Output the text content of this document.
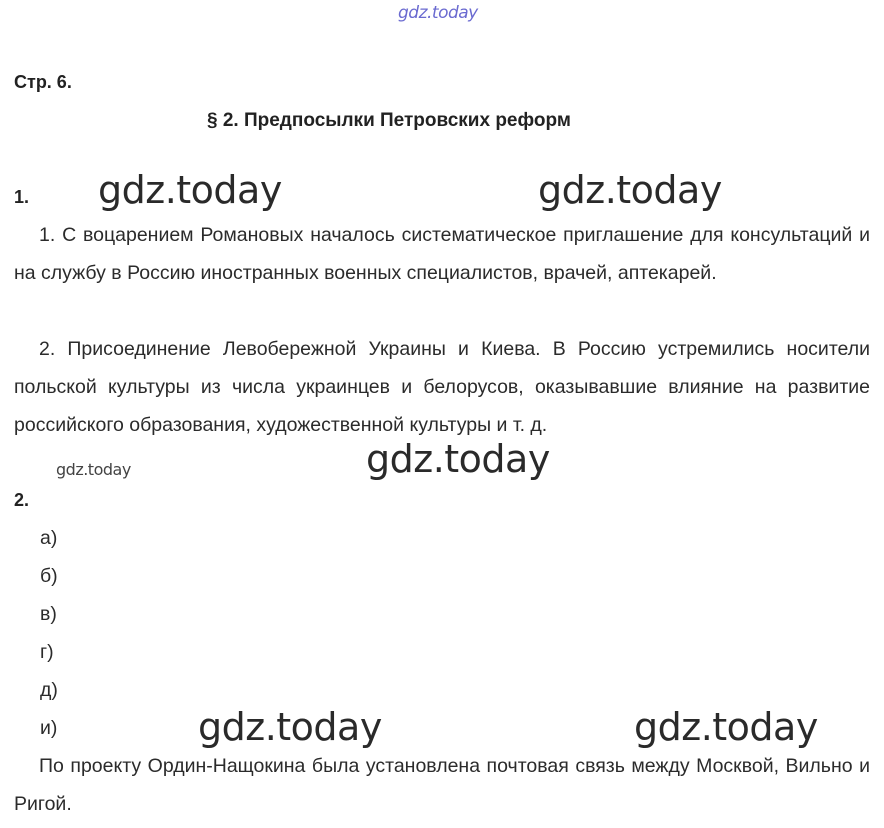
gdz.today
gdz.today	gdz.today
gdz.today	gdz.today
gdz.today	gdz.today
Стр. 6.
§ 2. Предпосылки Петровских реформ
1.
1. С воцарением Романовых началось систематическое приглашение для консультаций и на службу в Россию иностранных военных специалистов, врачей, аптекарей.
2. Присоединение Левобережной Украины и Киева. В Россию устремились носители польской культуры из числа украинцев и белорусов, оказывавшие влияние на развитие российского образования, художественной культуры и т. д.
2.
а)
б)
в)
г)
д)
и)
По проекту Ордин-Нащокина была установлена почтовая связь между Москвой, Вильно и Ригой.
